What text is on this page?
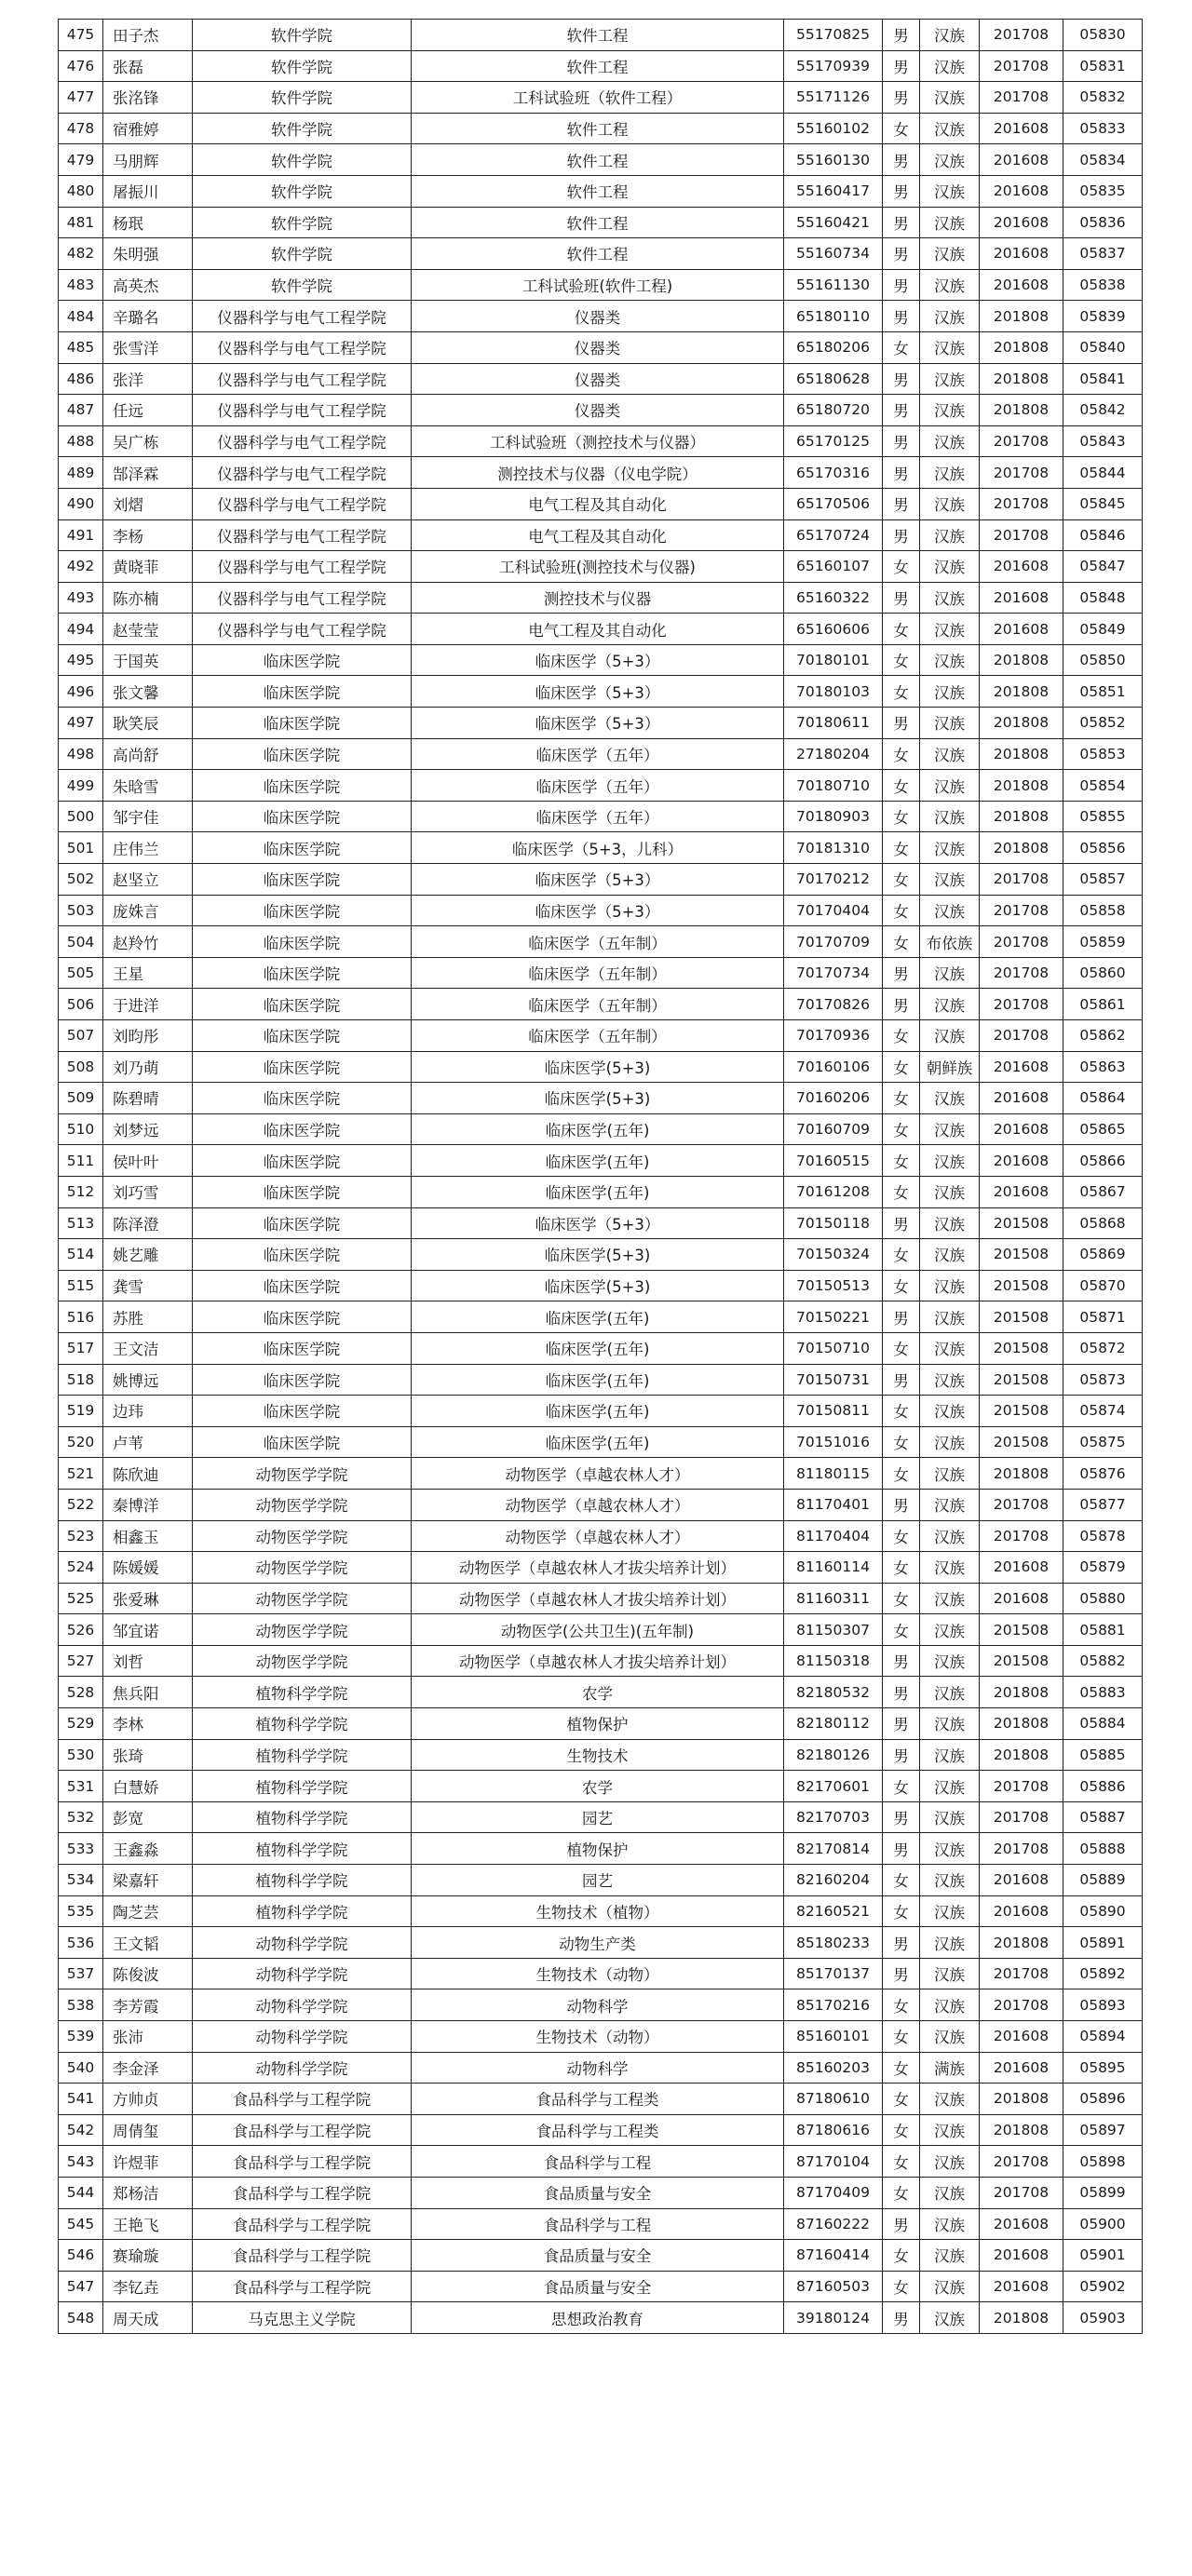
475	田子杰	软件学院	软件工程	55170825	男	汉族	201708	05830
476	张磊	软件学院	软件工程	55170939	男	汉族	201708	05831
477	张洺锋	软件学院	工科试验班（软件工程）	55171126	男	汉族	201708	05832
478	宿雅婷	软件学院	软件工程	55160102	女	汉族	201608	05833
479	马朋辉	软件学院	软件工程	55160130	男	汉族	201608	05834
480	屠振川	软件学院	软件工程	55160417	男	汉族	201608	05835
481	杨珉	软件学院	软件工程	55160421	男	汉族	201608	05836
482	朱明强	软件学院	软件工程	55160734	男	汉族	201608	05837
483	高英杰	软件学院	工科试验班(软件工程)	55161130	男	汉族	201608	05838
484	辛璐名	仪器科学与电气工程学院	仪器类	65180110	男	汉族	201808	05839
485	张雪洋	仪器科学与电气工程学院	仪器类	65180206	女	汉族	201808	05840
486	张洋	仪器科学与电气工程学院	仪器类	65180628	男	汉族	201808	05841
487	任远	仪器科学与电气工程学院	仪器类	65180720	男	汉族	201808	05842
488	吴广栋	仪器科学与电气工程学院	工科试验班（测控技术与仪器）	65170125	男	汉族	201708	05843
489	郜泽霖	仪器科学与电气工程学院	测控技术与仪器（仪电学院）	65170316	男	汉族	201708	05844
490	刘熠	仪器科学与电气工程学院	电气工程及其自动化	65170506	男	汉族	201708	05845
491	李杨	仪器科学与电气工程学院	电气工程及其自动化	65170724	男	汉族	201708	05846
492	黄晓菲	仪器科学与电气工程学院	工科试验班(测控技术与仪器)	65160107	女	汉族	201608	05847
493	陈亦楠	仪器科学与电气工程学院	测控技术与仪器	65160322	男	汉族	201608	05848
494	赵莹莹	仪器科学与电气工程学院	电气工程及其自动化	65160606	女	汉族	201608	05849
495	于国英	临床医学院	临床医学（5+3）	70180101	女	汉族	201808	05850
496	张文馨	临床医学院	临床医学（5+3）	70180103	女	汉族	201808	05851
497	耿笑辰	临床医学院	临床医学（5+3）	70180611	男	汉族	201808	05852
498	高尚舒	临床医学院	临床医学（五年）	27180204	女	汉族	201808	05853
499	朱晗雪	临床医学院	临床医学（五年）	70180710	女	汉族	201808	05854
500	邹宇佳	临床医学院	临床医学（五年）	70180903	女	汉族	201808	05855
501	庄伟兰	临床医学院	临床医学（5+3，儿科）	70181310	女	汉族	201808	05856
502	赵坚立	临床医学院	临床医学（5+3）	70170212	女	汉族	201708	05857
503	庞姝言	临床医学院	临床医学（5+3）	70170404	女	汉族	201708	05858
504	赵羚竹	临床医学院	临床医学（五年制）	70170709	女	布依族	201708	05859
505	王星	临床医学院	临床医学（五年制）	70170734	男	汉族	201708	05860
506	于进洋	临床医学院	临床医学（五年制）	70170826	男	汉族	201708	05861
507	刘昀彤	临床医学院	临床医学（五年制）	70170936	女	汉族	201708	05862
508	刘乃萌	临床医学院	临床医学(5+3)	70160106	女	朝鲜族	201608	05863
509	陈碧晴	临床医学院	临床医学(5+3)	70160206	女	汉族	201608	05864
510	刘梦远	临床医学院	临床医学(五年)	70160709	女	汉族	201608	05865
511	侯叶叶	临床医学院	临床医学(五年)	70160515	女	汉族	201608	05866
512	刘巧雪	临床医学院	临床医学(五年)	70161208	女	汉族	201608	05867
513	陈泽澄	临床医学院	临床医学（5+3）	70150118	男	汉族	201508	05868
514	姚艺雕	临床医学院	临床医学(5+3)	70150324	女	汉族	201508	05869
515	龚雪	临床医学院	临床医学(5+3)	70150513	女	汉族	201508	05870
516	苏胜	临床医学院	临床医学(五年)	70150221	男	汉族	201508	05871
517	王文洁	临床医学院	临床医学(五年)	70150710	女	汉族	201508	05872
518	姚博远	临床医学院	临床医学(五年)	70150731	男	汉族	201508	05873
519	边玮	临床医学院	临床医学(五年)	70150811	女	汉族	201508	05874
520	卢苇	临床医学院	临床医学(五年)	70151016	女	汉族	201508	05875
521	陈欣迪	动物医学学院	动物医学（卓越农林人才）	81180115	女	汉族	201808	05876
522	秦博洋	动物医学学院	动物医学（卓越农林人才）	81170401	男	汉族	201708	05877
523	相鑫玉	动物医学学院	动物医学（卓越农林人才）	81170404	女	汉族	201708	05878
524	陈媛媛	动物医学学院	动物医学（卓越农林人才拔尖培养计划）	81160114	女	汉族	201608	05879
525	张爱琳	动物医学学院	动物医学（卓越农林人才拔尖培养计划）	81160311	女	汉族	201608	05880
526	邹宜诺	动物医学学院	动物医学(公共卫生)(五年制)	81150307	女	汉族	201508	05881
527	刘哲	动物医学学院	动物医学（卓越农林人才拔尖培养计划）	81150318	男	汉族	201508	05882
528	焦兵阳	植物科学学院	农学	82180532	男	汉族	201808	05883
529	李林	植物科学学院	植物保护	82180112	男	汉族	201808	05884
530	张琦	植物科学学院	生物技术	82180126	男	汉族	201808	05885
531	白慧娇	植物科学学院	农学	82170601	女	汉族	201708	05886
532	彭宽	植物科学学院	园艺	82170703	男	汉族	201708	05887
533	王鑫淼	植物科学学院	植物保护	82170814	男	汉族	201708	05888
534	梁嘉轩	植物科学学院	园艺	82160204	女	汉族	201608	05889
535	陶芝芸	植物科学学院	生物技术（植物）	82160521	女	汉族	201608	05890
536	王文韬	动物科学学院	动物生产类	85180233	男	汉族	201808	05891
537	陈俊波	动物科学学院	生物技术（动物）	85170137	男	汉族	201708	05892
538	李芳霞	动物科学学院	动物科学	85170216	女	汉族	201708	05893
539	张沛	动物科学学院	生物技术（动物）	85160101	女	汉族	201608	05894
540	李金泽	动物科学学院	动物科学	85160203	女	满族	201608	05895
541	方帅贞	食品科学与工程学院	食品科学与工程类	87180610	女	汉族	201808	05896
542	周倩玺	食品科学与工程学院	食品科学与工程类	87180616	女	汉族	201808	05897
543	许煜菲	食品科学与工程学院	食品科学与工程	87170104	女	汉族	201708	05898
544	郑杨洁	食品科学与工程学院	食品质量与安全	87170409	女	汉族	201708	05899
545	王艳飞	食品科学与工程学院	食品科学与工程	87160222	男	汉族	201608	05900
546	赛瑜璇	食品科学与工程学院	食品质量与安全	87160414	女	汉族	201608	05901
547	李钇垚	食品科学与工程学院	食品质量与安全	87160503	女	汉族	201608	05902
548	周天成	马克思主义学院	思想政治教育	39180124	男	汉族	201808	05903
